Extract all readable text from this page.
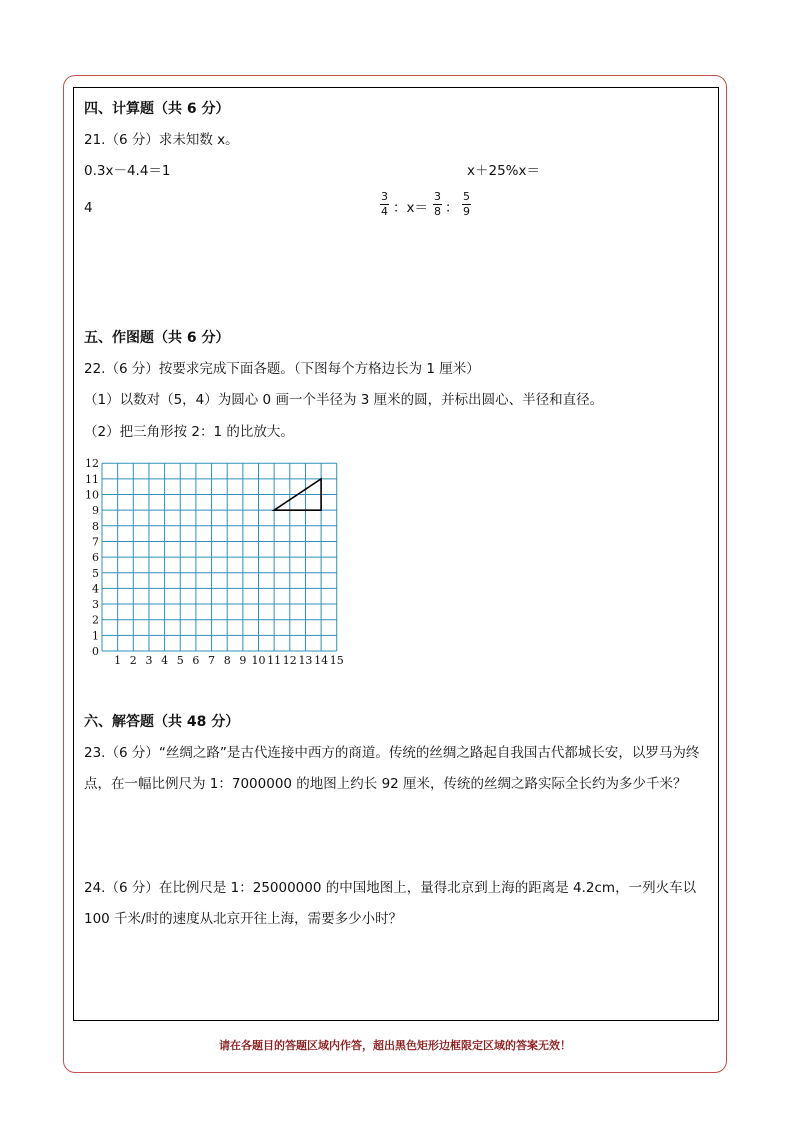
四、计算题（共 6 分）
21.（6 分）求未知数 x。
0.3x－4.4＝1	x＋25%x＝
4
3
4 ：x＝
3
8 ：
5
9
五、作图题（共 6 分）
22.（6 分）按要求完成下面各题。（下图每个方格边长为 1 厘米）
（1）以数对（5，4）为圆心 0 画一个半径为 3 厘米的圆，并标出圆心、半径和直径。
（2）把三角形按 2：1 的比放大。
1 2 3 4 5 6 7 8 9 10 11 12 13 14 15
0
1
2
3
4
5
6
7
8
9
10
11
12
六、解答题（共 48 分）
23.（6 分）“丝绸之路”是古代连接中西方的商道。传统的丝绸之路起自我国古代都城长安，以罗马为终点，在一幅比例尺为 1：7000000 的地图上约长 92 厘米，传统的丝绸之路实际全长约为多少千米？
24.（6 分）在比例尺是 1：25000000 的中国地图上，量得北京到上海的距离是 4.2cm，一列火车以 100 千米/时的速度从北京开往上海，需要多少小时？
请在各题目的答题区域内作答，超出黑色矩形边框限定区域的答案无效！
